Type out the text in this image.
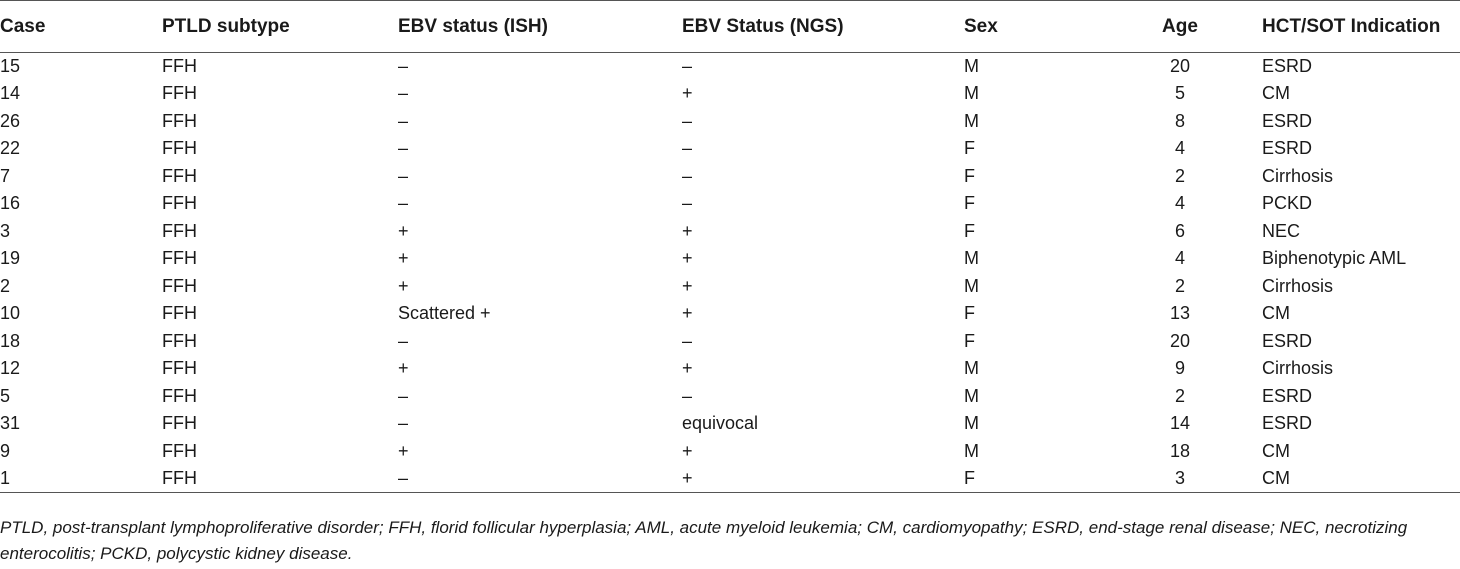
Case	PTLD subtype	EBV status (ISH)	EBV Status (NGS)	Sex	Age	HCT/SOT Indication
15	FFH	–	–	M	20	ESRD
14	FFH	–	+	M	5	CM
26	FFH	–	–	M	8	ESRD
22	FFH	–	–	F	4	ESRD
7	FFH	–	–	F	2	Cirrhosis
16	FFH	–	–	F	4	PCKD
3	FFH	+	+	F	6	NEC
19	FFH	+	+	M	4	Biphenotypic AML
2	FFH	+	+	M	2	Cirrhosis
10	FFH	Scattered +	+	F	13	CM
18	FFH	–	–	F	20	ESRD
12	FFH	+	+	M	9	Cirrhosis
5	FFH	–	–	M	2	ESRD
31	FFH	–	equivocal	M	14	ESRD
9	FFH	+	+	M	18	CM
1	FFH	–	+	F	3	CM
PTLD, post-transplant lymphoproliferative disorder; FFH, florid follicular hyperplasia; AML, acute myeloid leukemia; CM, cardiomyopathy; ESRD, end-stage renal disease; NEC, necrotizing enterocolitis; PCKD, polycystic kidney disease.
